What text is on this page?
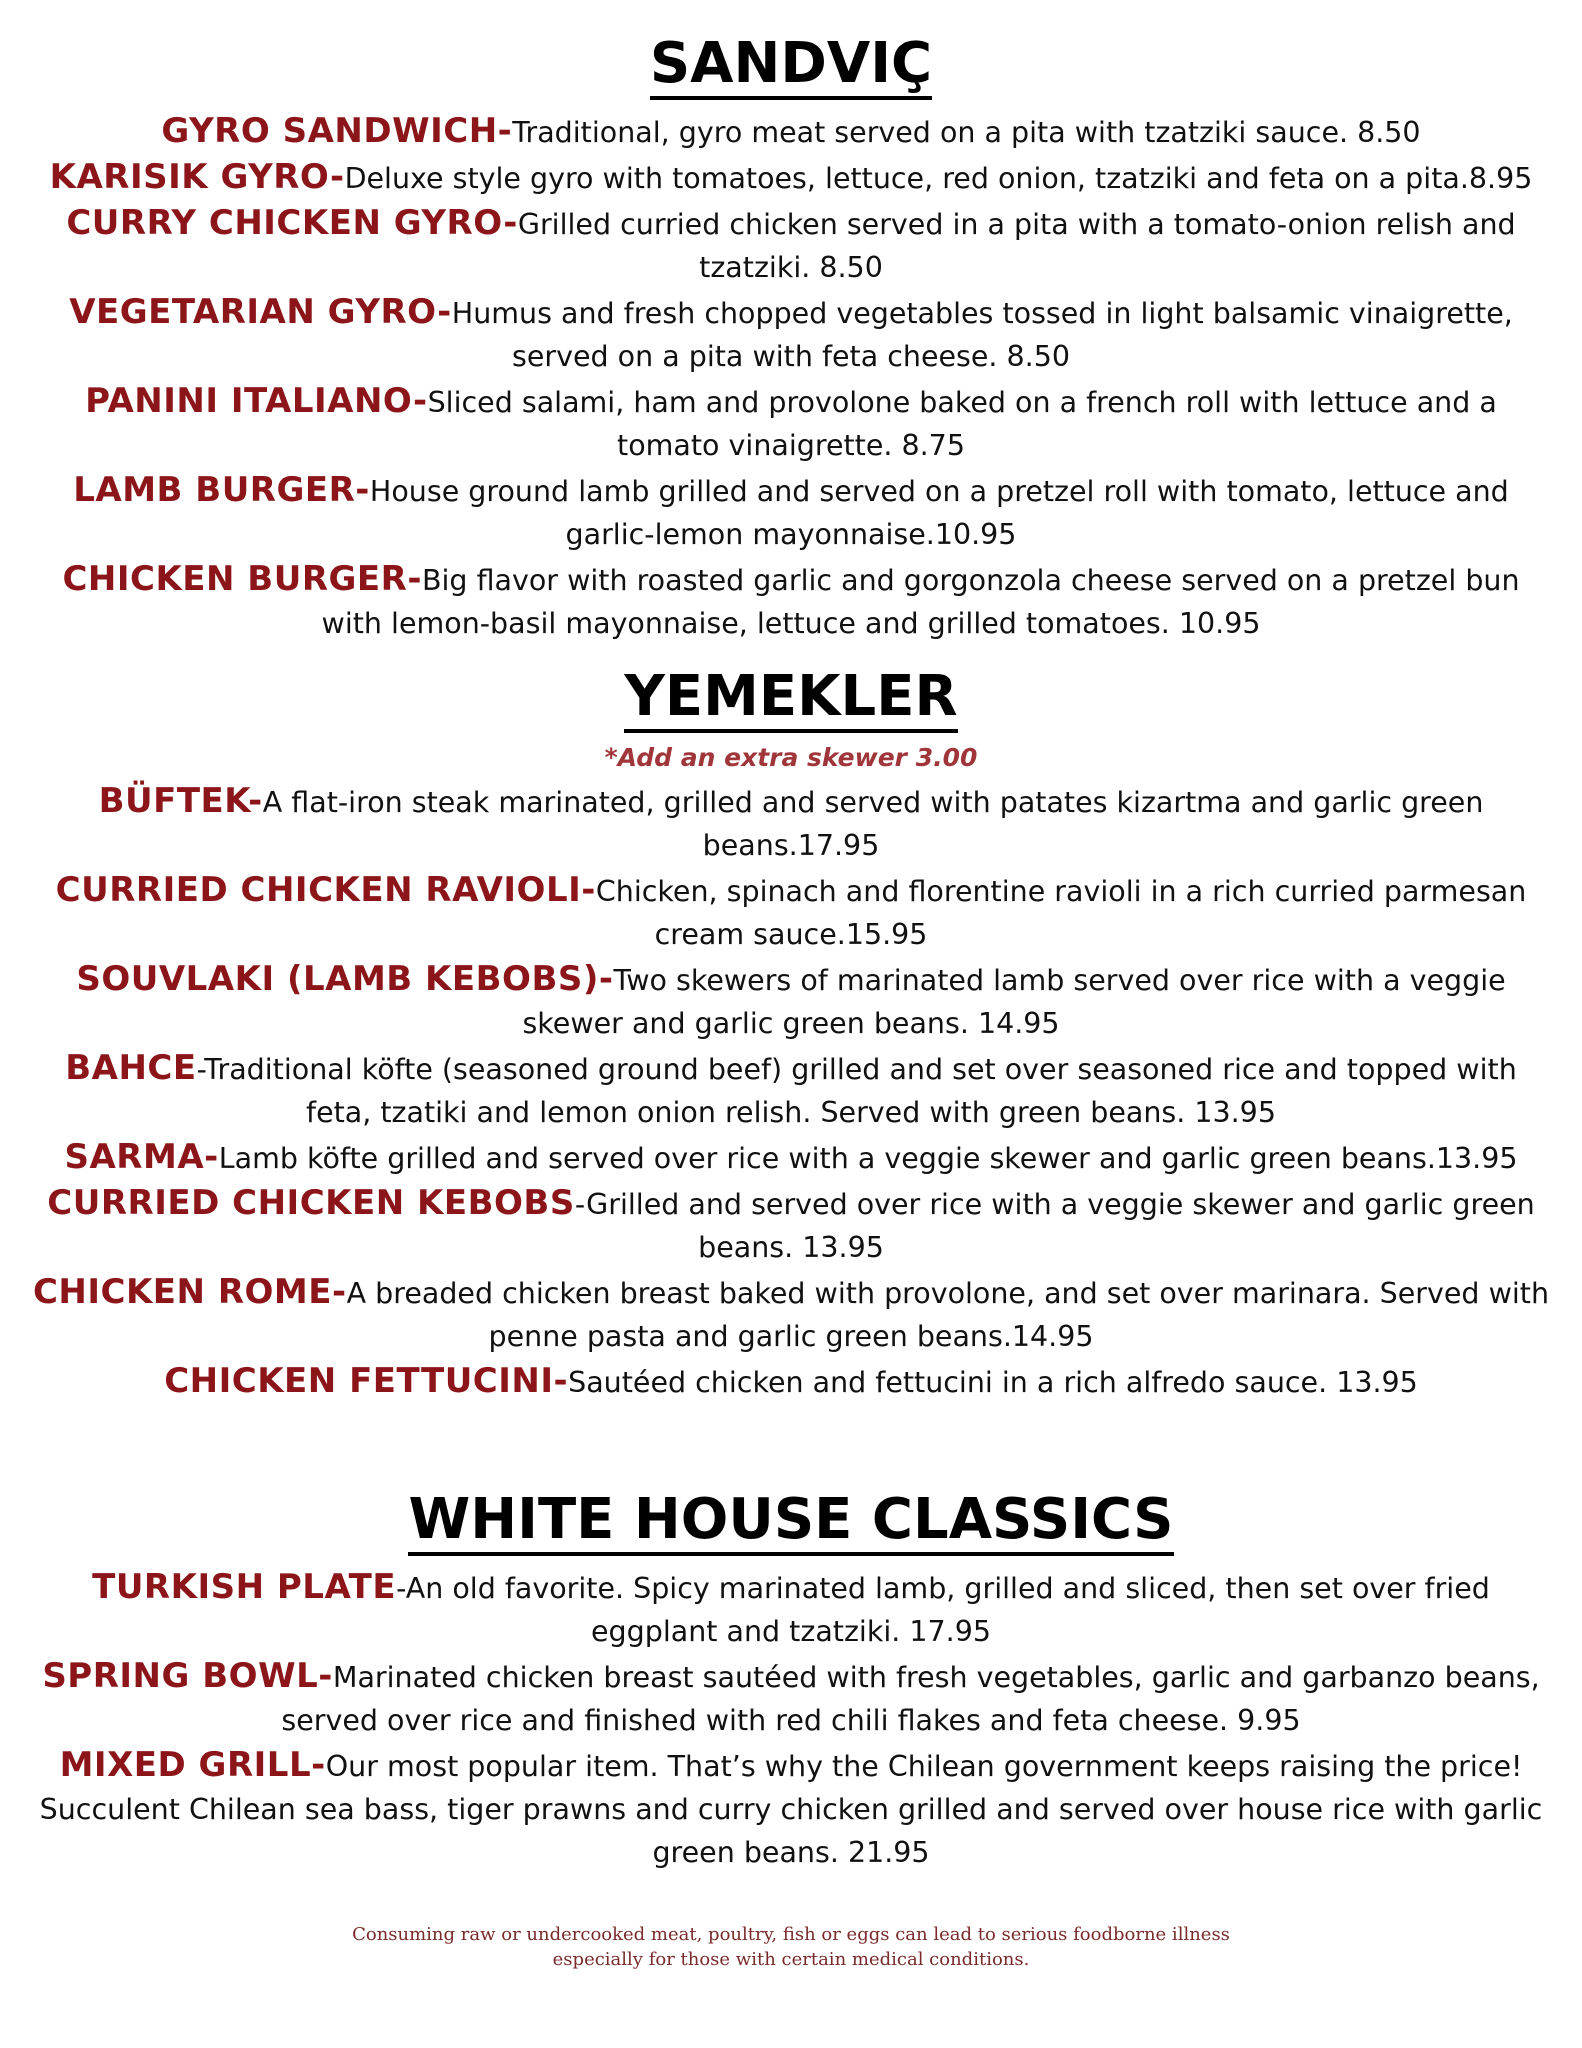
SANDVIÇ
GYRO SANDWICH-Traditional, gyro meat served on a pita with tzatziki sauce. 8.50
KARISIK GYRO-Deluxe style gyro with tomatoes, lettuce, red onion, tzatziki and feta on a pita.8.95
CURRY CHICKEN GYRO-Grilled curried chicken served in a pita with a tomato-onion relish and tzatziki. 8.50
VEGETARIAN GYRO-Humus and fresh chopped vegetables tossed in light balsamic vinaigrette, served on a pita with feta cheese. 8.50
PANINI ITALIANO-Sliced salami, ham and provolone baked on a french roll with lettuce and a tomato vinaigrette. 8.75
LAMB BURGER-House ground lamb grilled and served on a pretzel roll with tomato, lettuce and garlic-lemon mayonnaise.10.95
CHICKEN BURGER-Big flavor with roasted garlic and gorgonzola cheese served on a pretzel bun with lemon-basil mayonnaise, lettuce and grilled tomatoes. 10.95
YEMEKLER
*Add an extra skewer 3.00
BÜFTEK-A flat-iron steak marinated, grilled and served with patates kizartma and garlic green beans.17.95
CURRIED CHICKEN RAVIOLI-Chicken, spinach and florentine ravioli in a rich curried parmesan cream sauce.15.95
SOUVLAKI (LAMB KEBOBS)-Two skewers of marinated lamb served over rice with a veggie skewer and garlic green beans. 14.95
BAHCE-Traditional köfte (seasoned ground beef) grilled and set over seasoned rice and topped with feta, tzatiki and lemon onion relish. Served with green beans. 13.95
SARMA-Lamb köfte grilled and served over rice with a veggie skewer and garlic green beans.13.95
CURRIED CHICKEN KEBOBS-Grilled and served over rice with a veggie skewer and garlic green beans. 13.95
CHICKEN ROME-A breaded chicken breast baked with provolone, and set over marinara. Served with penne pasta and garlic green beans.14.95
CHICKEN FETTUCINI-Sautéed chicken and fettucini in a rich alfredo sauce. 13.95
WHITE HOUSE CLASSICS
TURKISH PLATE-An old favorite. Spicy marinated lamb, grilled and sliced, then set over fried eggplant and tzatziki. 17.95
SPRING BOWL-Marinated chicken breast sautéed with fresh vegetables, garlic and garbanzo beans, served over rice and finished with red chili flakes and feta cheese. 9.95
MIXED GRILL-Our most popular item. That’s why the Chilean government keeps raising the price! Succulent Chilean sea bass, tiger prawns and curry chicken grilled and served over house rice with garlic green beans. 21.95
Consuming raw or undercooked meat, poultry, fish or eggs can lead to serious foodborne illness especially for those with certain medical conditions.
